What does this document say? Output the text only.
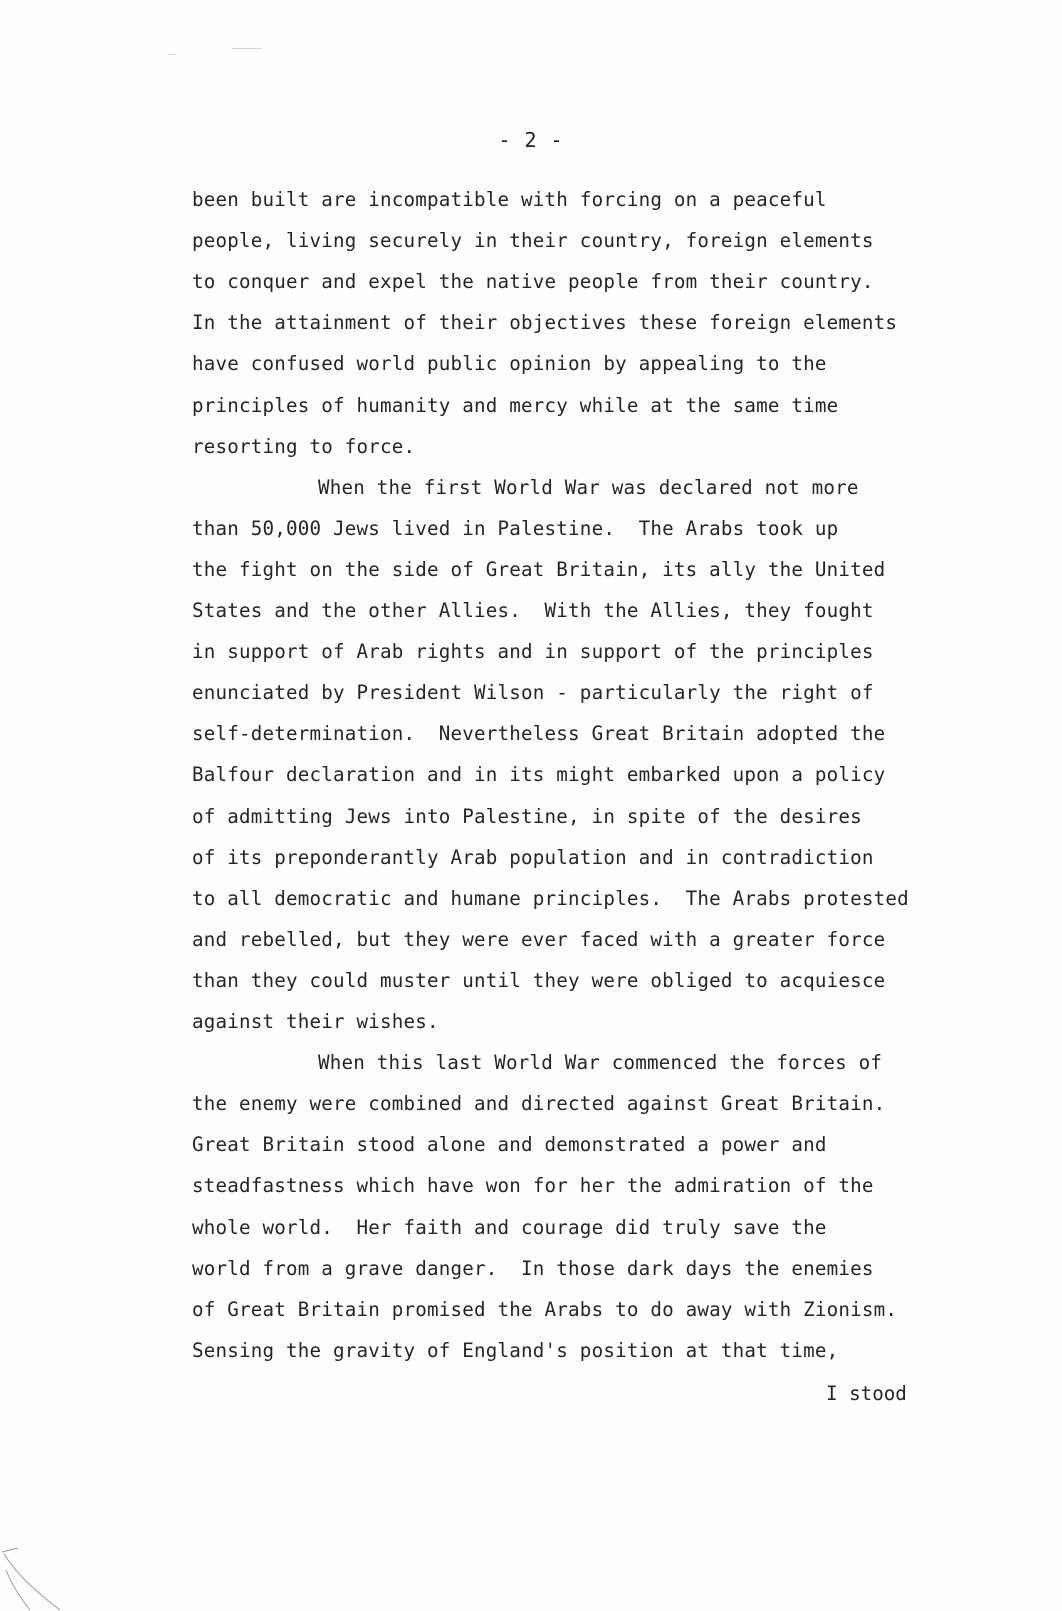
- 2 -
been built are incompatible with forcing on a peaceful
people, living securely in their country, foreign elements
to conquer and expel the native people from their country.
In the attainment of their objectives these foreign elements
have confused world public opinion by appealing to the
principles of humanity and mercy while at the same time
resorting to force.
When the first World War was declared not more
than 50,000 Jews lived in Palestine.  The Arabs took up
the fight on the side of Great Britain, its ally the United
States and the other Allies.  With the Allies, they fought
in support of Arab rights and in support of the principles
enunciated by President Wilson - particularly the right of
self-determination.  Nevertheless Great Britain adopted the
Balfour declaration and in its might embarked upon a policy
of admitting Jews into Palestine, in spite of the desires
of its preponderantly Arab population and in contradiction
to all democratic and humane principles.  The Arabs protested
and rebelled, but they were ever faced with a greater force
than they could muster until they were obliged to acquiesce
against their wishes.
When this last World War commenced the forces of
the enemy were combined and directed against Great Britain.
Great Britain stood alone and demonstrated a power and
steadfastness which have won for her the admiration of the
whole world.  Her faith and courage did truly save the
world from a grave danger.  In those dark days the enemies
of Great Britain promised the Arabs to do away with Zionism.
Sensing the gravity of England's position at that time,
I stood
